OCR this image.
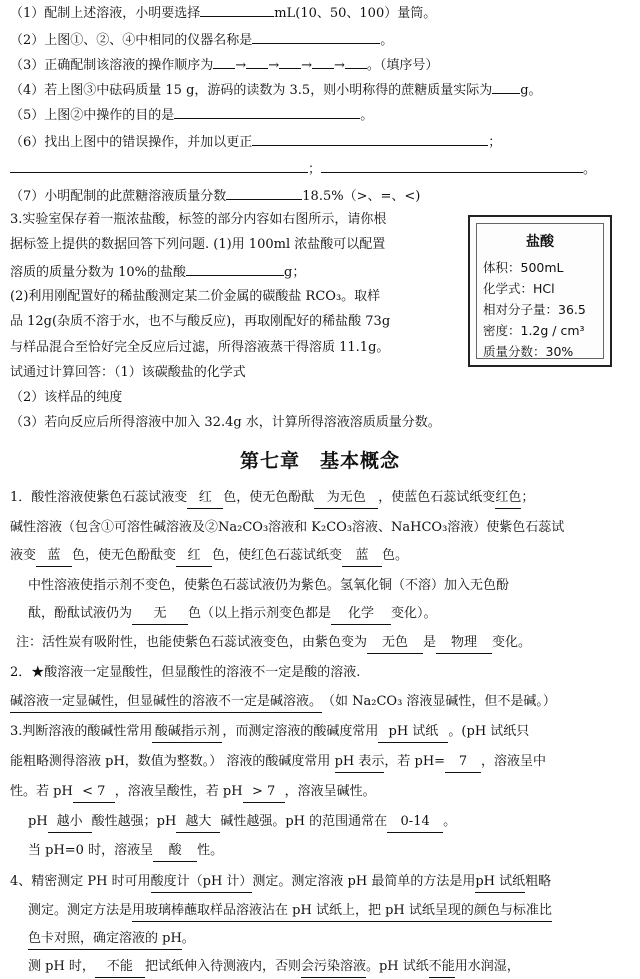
（1）配制上述溶液，小明要选择	mL(10、50、100）量筒。
（2）上图①、②、④中相同的仪器名称是	。
（3）正确配制该溶液的操作顺序为 → → → → 。（填序号）
（4）若上图③中砝码质量 15 g，游码的读数为 3.5，则小明称得的蔗糖质量实际为 g。
（5）上图②中操作的目的是	。
（6）找出上图中的错误操作，并加以更正	；
；	。
（7）小明配制的此蔗糖溶液质量分数	18.5%（>、=、<)
3.实验室保存着一瓶浓盐酸，标签的部分内容如右图所示，请你根
据标签上提供的数据回答下列问题. (1)用 100ml 浓盐酸可以配置
溶质的质量分数为 10%的盐酸	g；
(2)利用刚配置好的稀盐酸测定某二价金属的碳酸盐 RCO₃。取样
品 12g(杂质不溶于水，也不与酸反应)，再取刚配好的稀盐酸 73g
与样品混合至恰好完全反应后过滤，所得溶液蒸干得溶质 11.1g。
试通过计算回答：（1）该碳酸盐的化学式
（2）该样品的纯度
（3）若向反应后所得溶液中加入 32.4g 水，计算所得溶液溶质质量分数。
盐酸
体积：500mL
化学式：HCl
相对分子量：36.5
密度：1.2g / cm³
质量分数：30%
第七章　基本概念
1．酸性溶液使紫色石蕊试液变 红 色，使无色酚酞 为无色 ，使蓝色石蕊试纸变红色；
碱性溶液（包含①可溶性碱溶液及②Na₂CO₃溶液和 K₂CO₃溶液、NaHCO₃溶液）使紫色石蕊试
液变 蓝 色，使无色酚酞变 红 色，使红色石蕊试纸变 蓝 色。
中性溶液使指示剂不变色，使紫色石蕊试液仍为紫色。氢氧化铜（不溶）加入无色酚
酞，酚酞试液仍为 无 色（以上指示剂变色都是 化学 变化）。
注：活性炭有吸附性，也能使紫色石蕊试液变色，由紫色变为 无色 是 物理 变化。
2．★酸溶液一定显酸性，但显酸性的溶液不一定是酸的溶液.
碱溶液一定显碱性，但显碱性的溶液不一定是碱溶液。（如 Na₂CO₃ 溶液显碱性，但不是碱。）
3.判断溶液的酸碱性常用 酸碱指示剂 ，而测定溶液的酸碱度常用 pH 试纸 。(pH 试纸只
能粗略测得溶液 pH，数值为整数。） 溶液的酸碱度常用 pH 表示，若 pH= 7 ，溶液呈中
性。若 pH < 7 ，溶液呈酸性，若 pH > 7 ，溶液呈碱性。
pH 越小 酸性越强；pH 越大 碱性越强。pH 的范围通常在 0-14 。
当 pH=0 时，溶液呈 酸 性。
4、精密测定 PH 时可用酸度计（pH 计）测定。测定溶液 pH 最简单的方法是用pH 试纸粗略
测定。测定方法是用玻璃棒蘸取样品溶液沾在 pH 试纸上，把 pH 试纸呈现的颜色与标准比
色卡对照，确定溶液的 pH。
测 pH 时， 不能 把试纸伸入待测液内，否则会污染溶液。pH 试纸不能用水润湿，
